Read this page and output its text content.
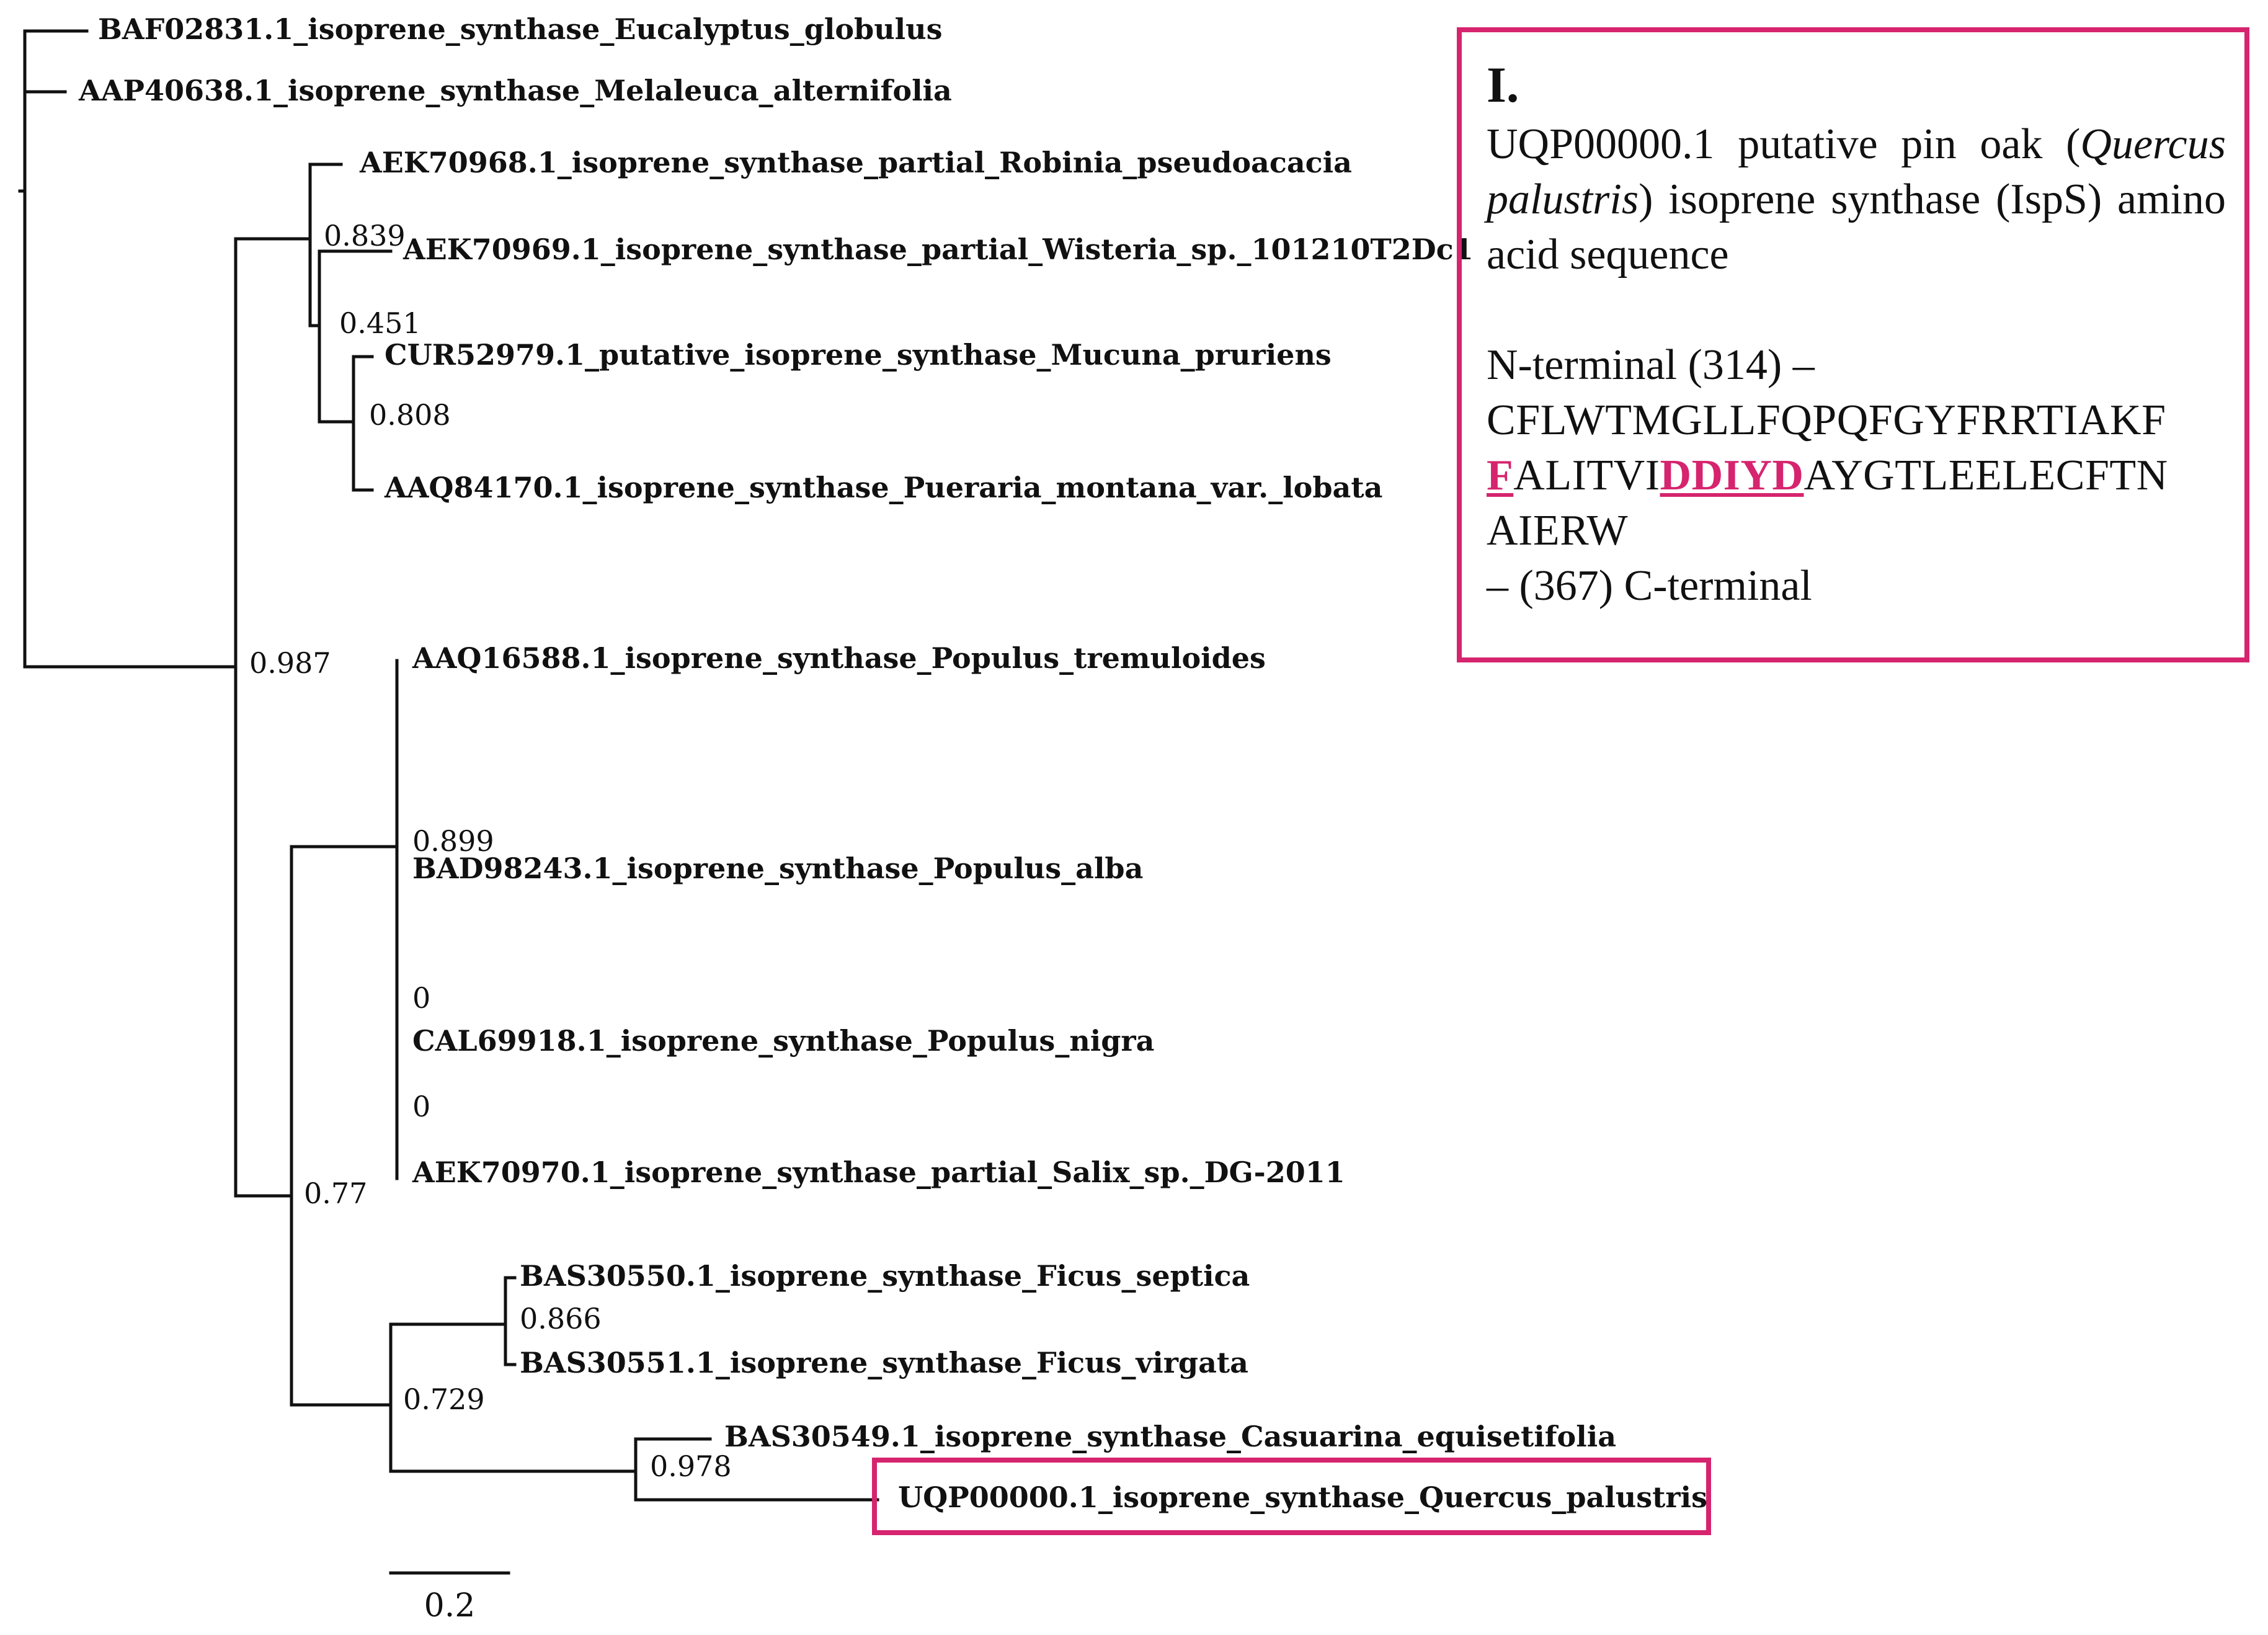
BAF02831.1_isoprene_synthase_Eucalyptus_globulus
AAP40638.1_isoprene_synthase_Melaleuca_alternifolia
AEK70968.1_isoprene_synthase_partial_Robinia_pseudoacacia
AEK70969.1_isoprene_synthase_partial_Wisteria_sp._101210T2Dc1
CUR52979.1_putative_isoprene_synthase_Mucuna_pruriens
AAQ84170.1_isoprene_synthase_Pueraria_montana_var._lobata
AAQ16588.1_isoprene_synthase_Populus_tremuloides
BAD98243.1_isoprene_synthase_Populus_alba
CAL69918.1_isoprene_synthase_Populus_nigra
AEK70970.1_isoprene_synthase_partial_Salix_sp._DG-2011
BAS30550.1_isoprene_synthase_Ficus_septica
BAS30551.1_isoprene_synthase_Ficus_virgata
BAS30549.1_isoprene_synthase_Casuarina_equisetifolia
UQP00000.1_isoprene_synthase_Quercus_palustris
0.839
0.451
0.808
0.987
0.899
0
0
0.77
0.866
0.729
0.978
0.2
I.
UQP00000.1 putative pin oak (Quercus palustris) isoprene synthase (IspS) amino acid sequence
N-terminal (314) –
CFLWTMGLLFQPQFGYFRRTIAKF
FALITVIDDIYDAYGTLEELECFTN
AIERW
– (367) C-terminal
